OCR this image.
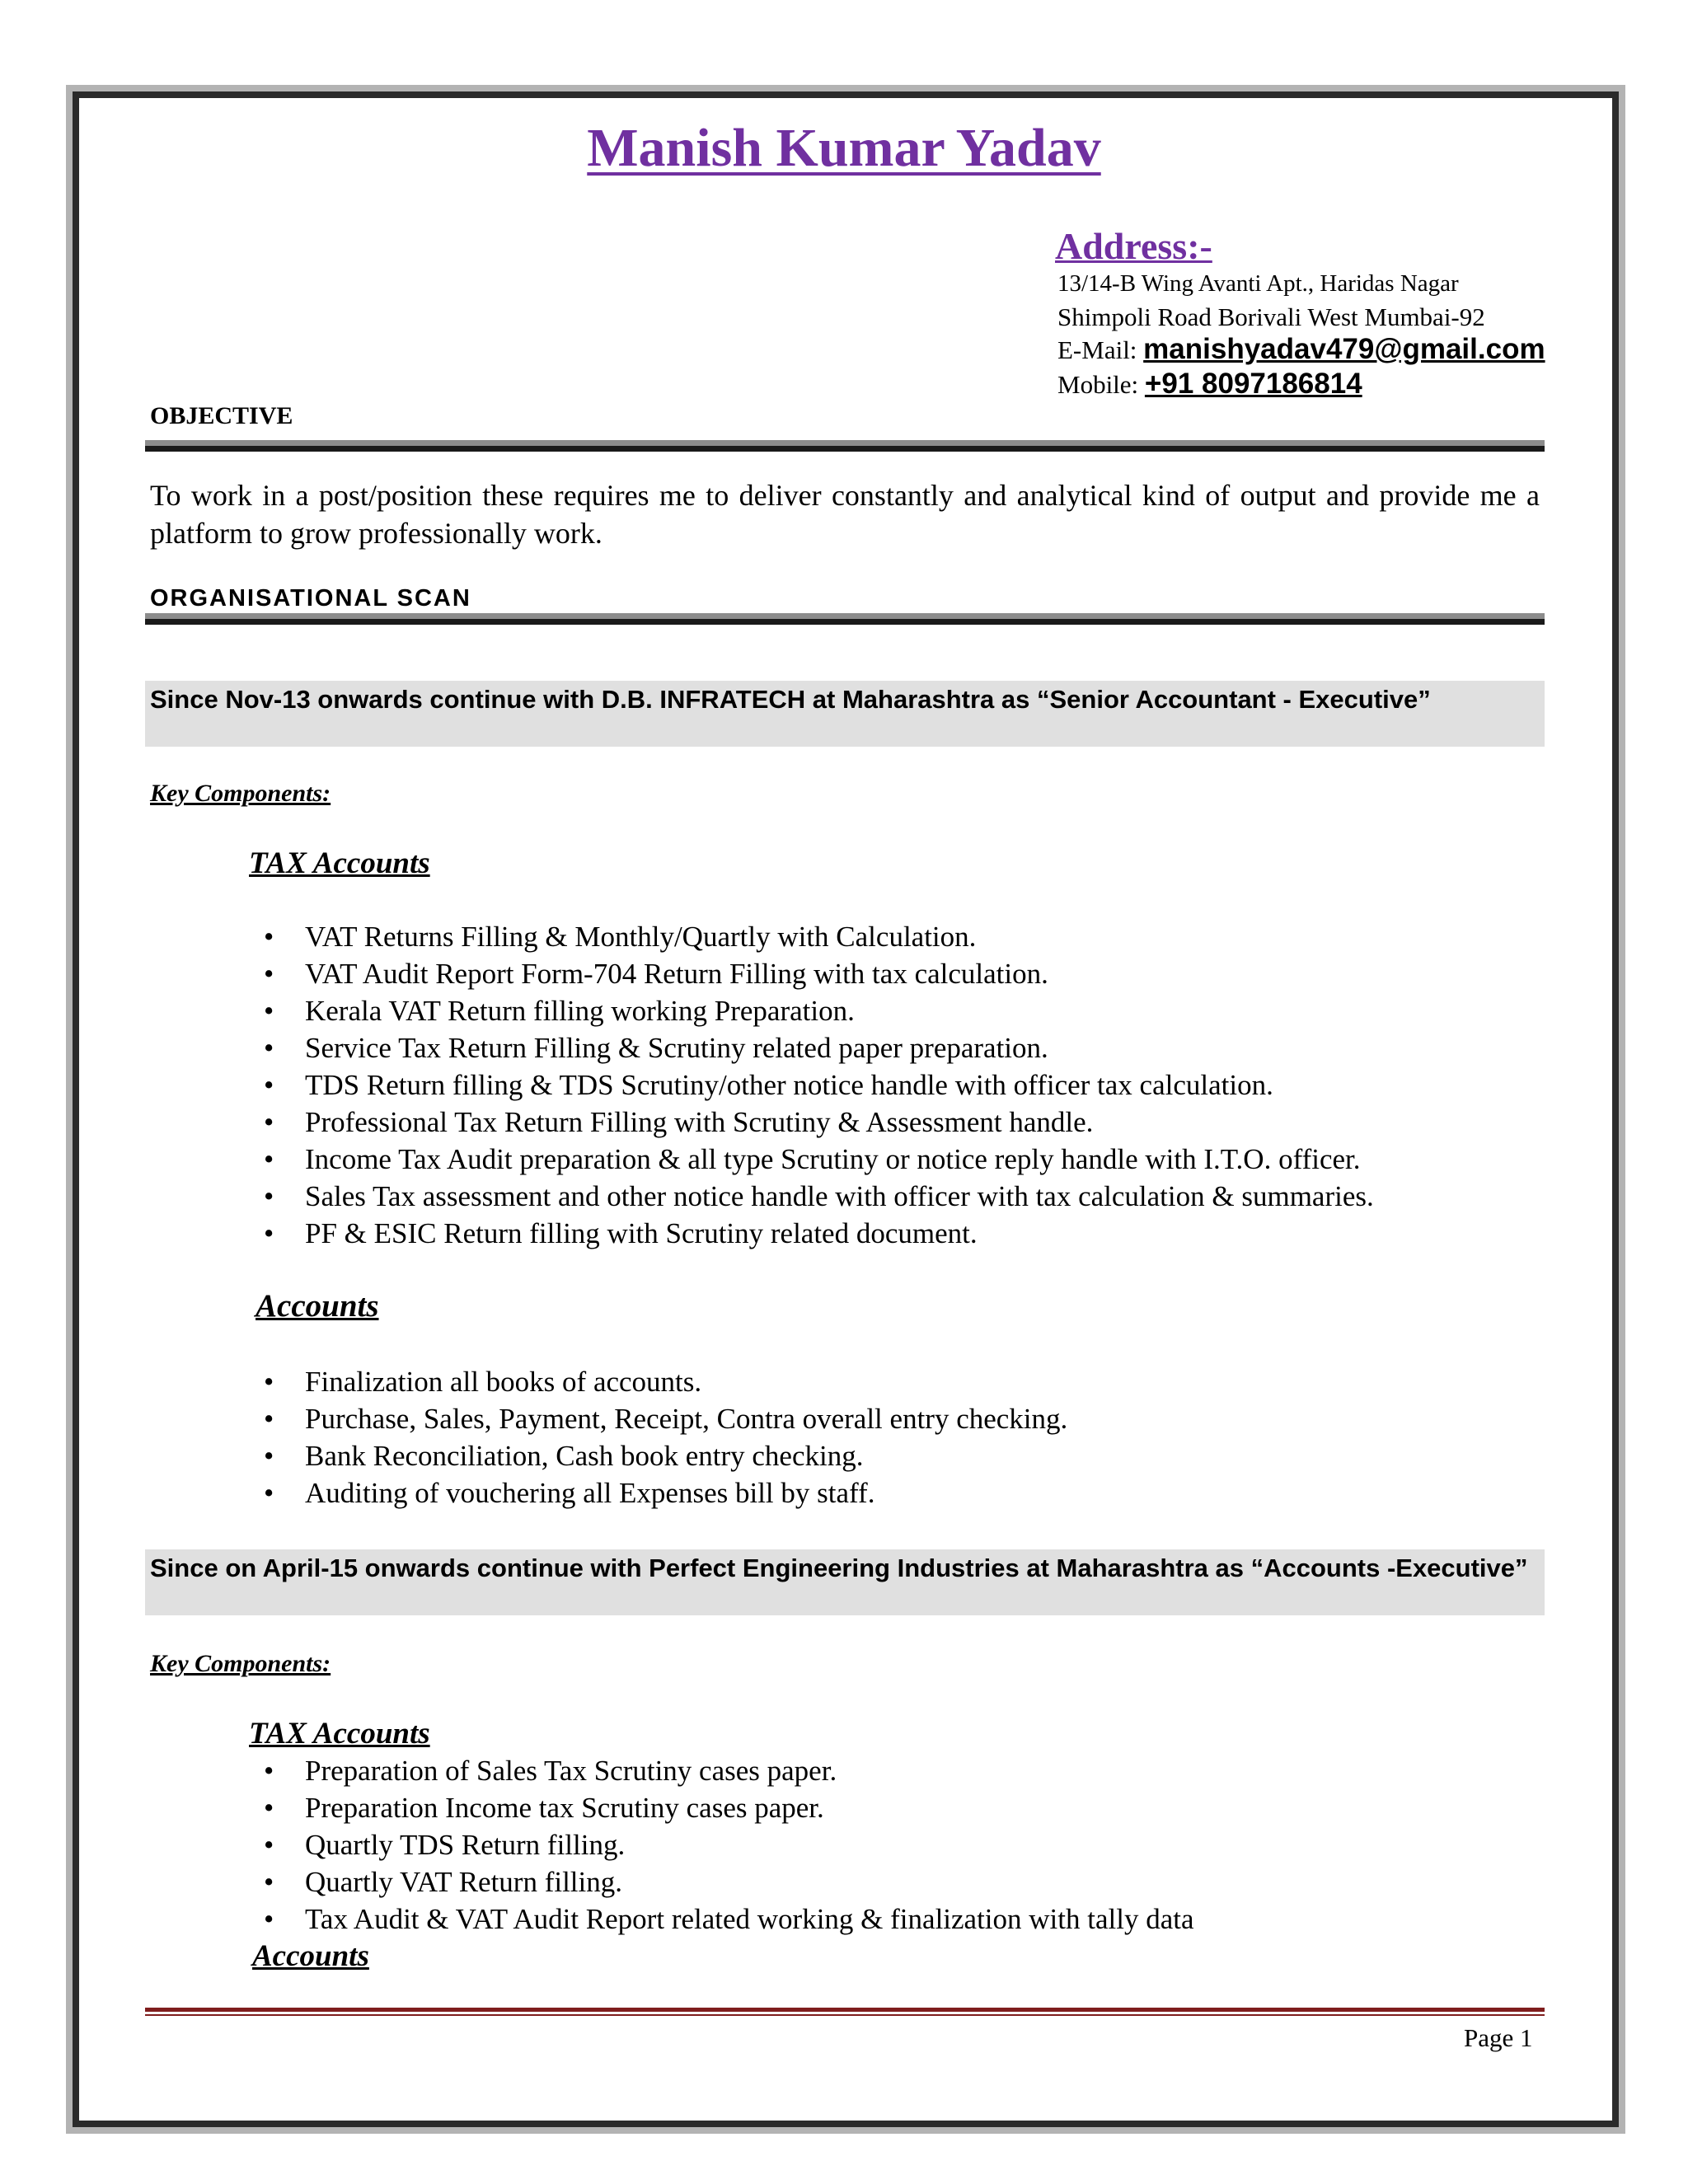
Manish Kumar Yadav
Address:-
13/14-B Wing Avanti Apt., Haridas Nagar
Shimpoli Road Borivali West Mumbai-92
E-Mail: manishyadav479@gmail.com
Mobile: +91 8097186814
OBJECTIVE
To work in a post/position these requires me to deliver constantly and analytical kind of output and provide me a platform to grow professionally work.
ORGANISATIONAL SCAN
Since Nov-13 onwards continue with D.B. INFRATECH at Maharashtra as “Senior Accountant - Executive”
Key Components:
TAX Accounts
• VAT Returns Filling & Monthly/Quartly with Calculation.
• VAT Audit Report Form-704 Return Filling with tax calculation.
• Kerala VAT Return filling working Preparation.
• Service Tax Return Filling & Scrutiny related paper preparation.
• TDS Return filling & TDS Scrutiny/other notice handle with officer tax calculation.
• Professional Tax Return Filling with Scrutiny & Assessment handle.
• Income Tax Audit preparation & all type Scrutiny or notice reply handle with I.T.O. officer.
• Sales Tax assessment and other notice handle with officer with tax calculation & summaries.
• PF & ESIC Return filling with Scrutiny related document.
Accounts
• Finalization all books of accounts.
• Purchase, Sales, Payment, Receipt, Contra overall entry checking.
• Bank Reconciliation, Cash book entry checking.
• Auditing of vouchering all Expenses bill by staff.
Since on April-15 onwards continue with Perfect Engineering Industries at Maharashtra as “Accounts -Executive”
Key Components:
TAX Accounts
• Preparation of Sales Tax Scrutiny cases paper.
• Preparation Income tax Scrutiny cases paper.
• Quartly TDS Return filling.
• Quartly VAT Return filling.
• Tax Audit & VAT Audit Report related working & finalization with tally data
Accounts
Page 1
